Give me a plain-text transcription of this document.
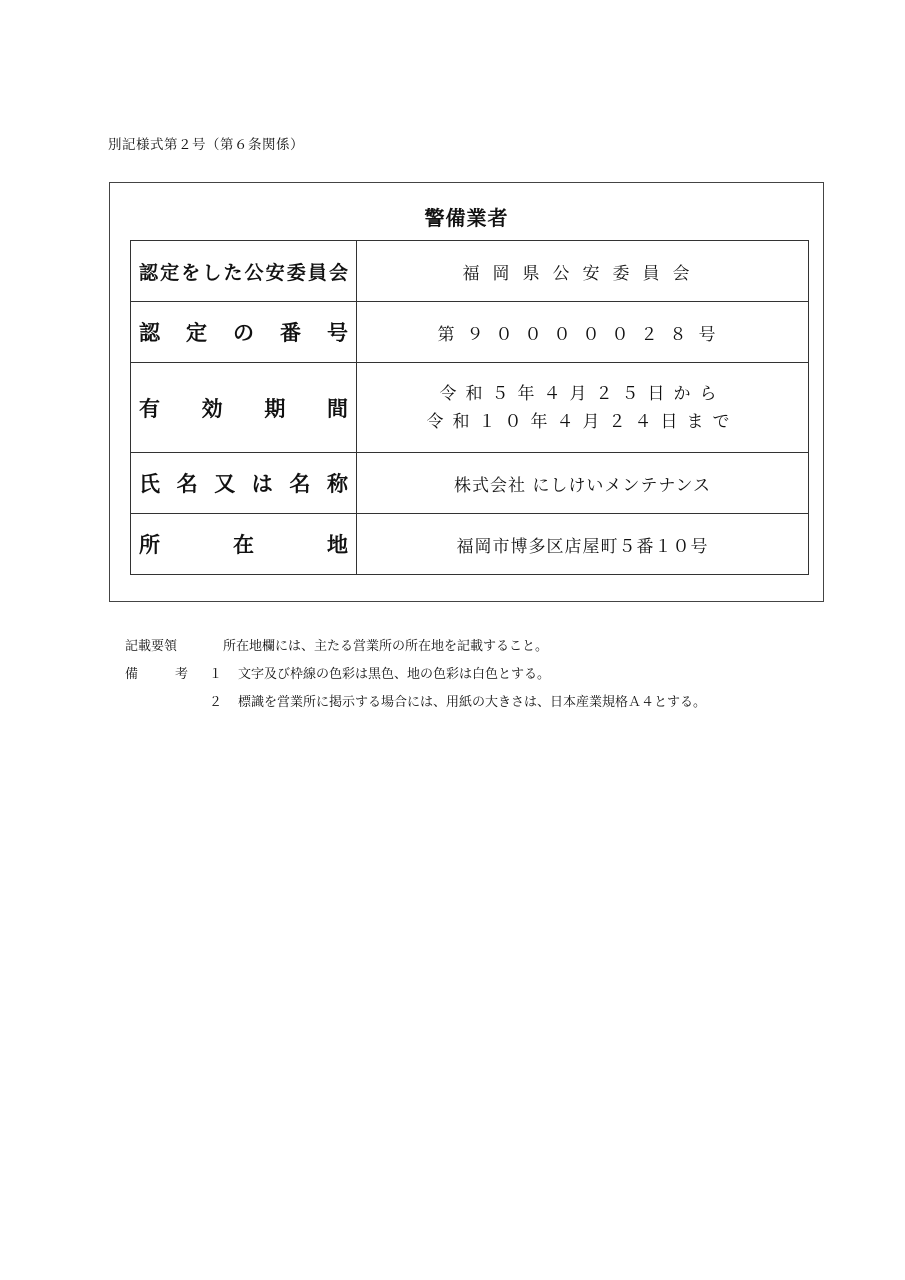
別記様式第２号（第６条関係）
警備業者
認定をした公安委員会	福岡県公安委員会

認定の番号	第９０００００２８号

有効期間	令和５年４月２５日から
令和１０年４月２４日まで

氏名又は名称	株式会社 にしけいメンテナンス

所在地	福岡市博多区店屋町５番１０号
記載要領	所在地欄には、主たる営業所の所在地を記載すること。
備	考 １ 文字及び枠線の色彩は黒色、地の色彩は白色とする。
２ 標識を営業所に掲示する場合には、用紙の大きさは、日本産業規格Ａ４とする。
